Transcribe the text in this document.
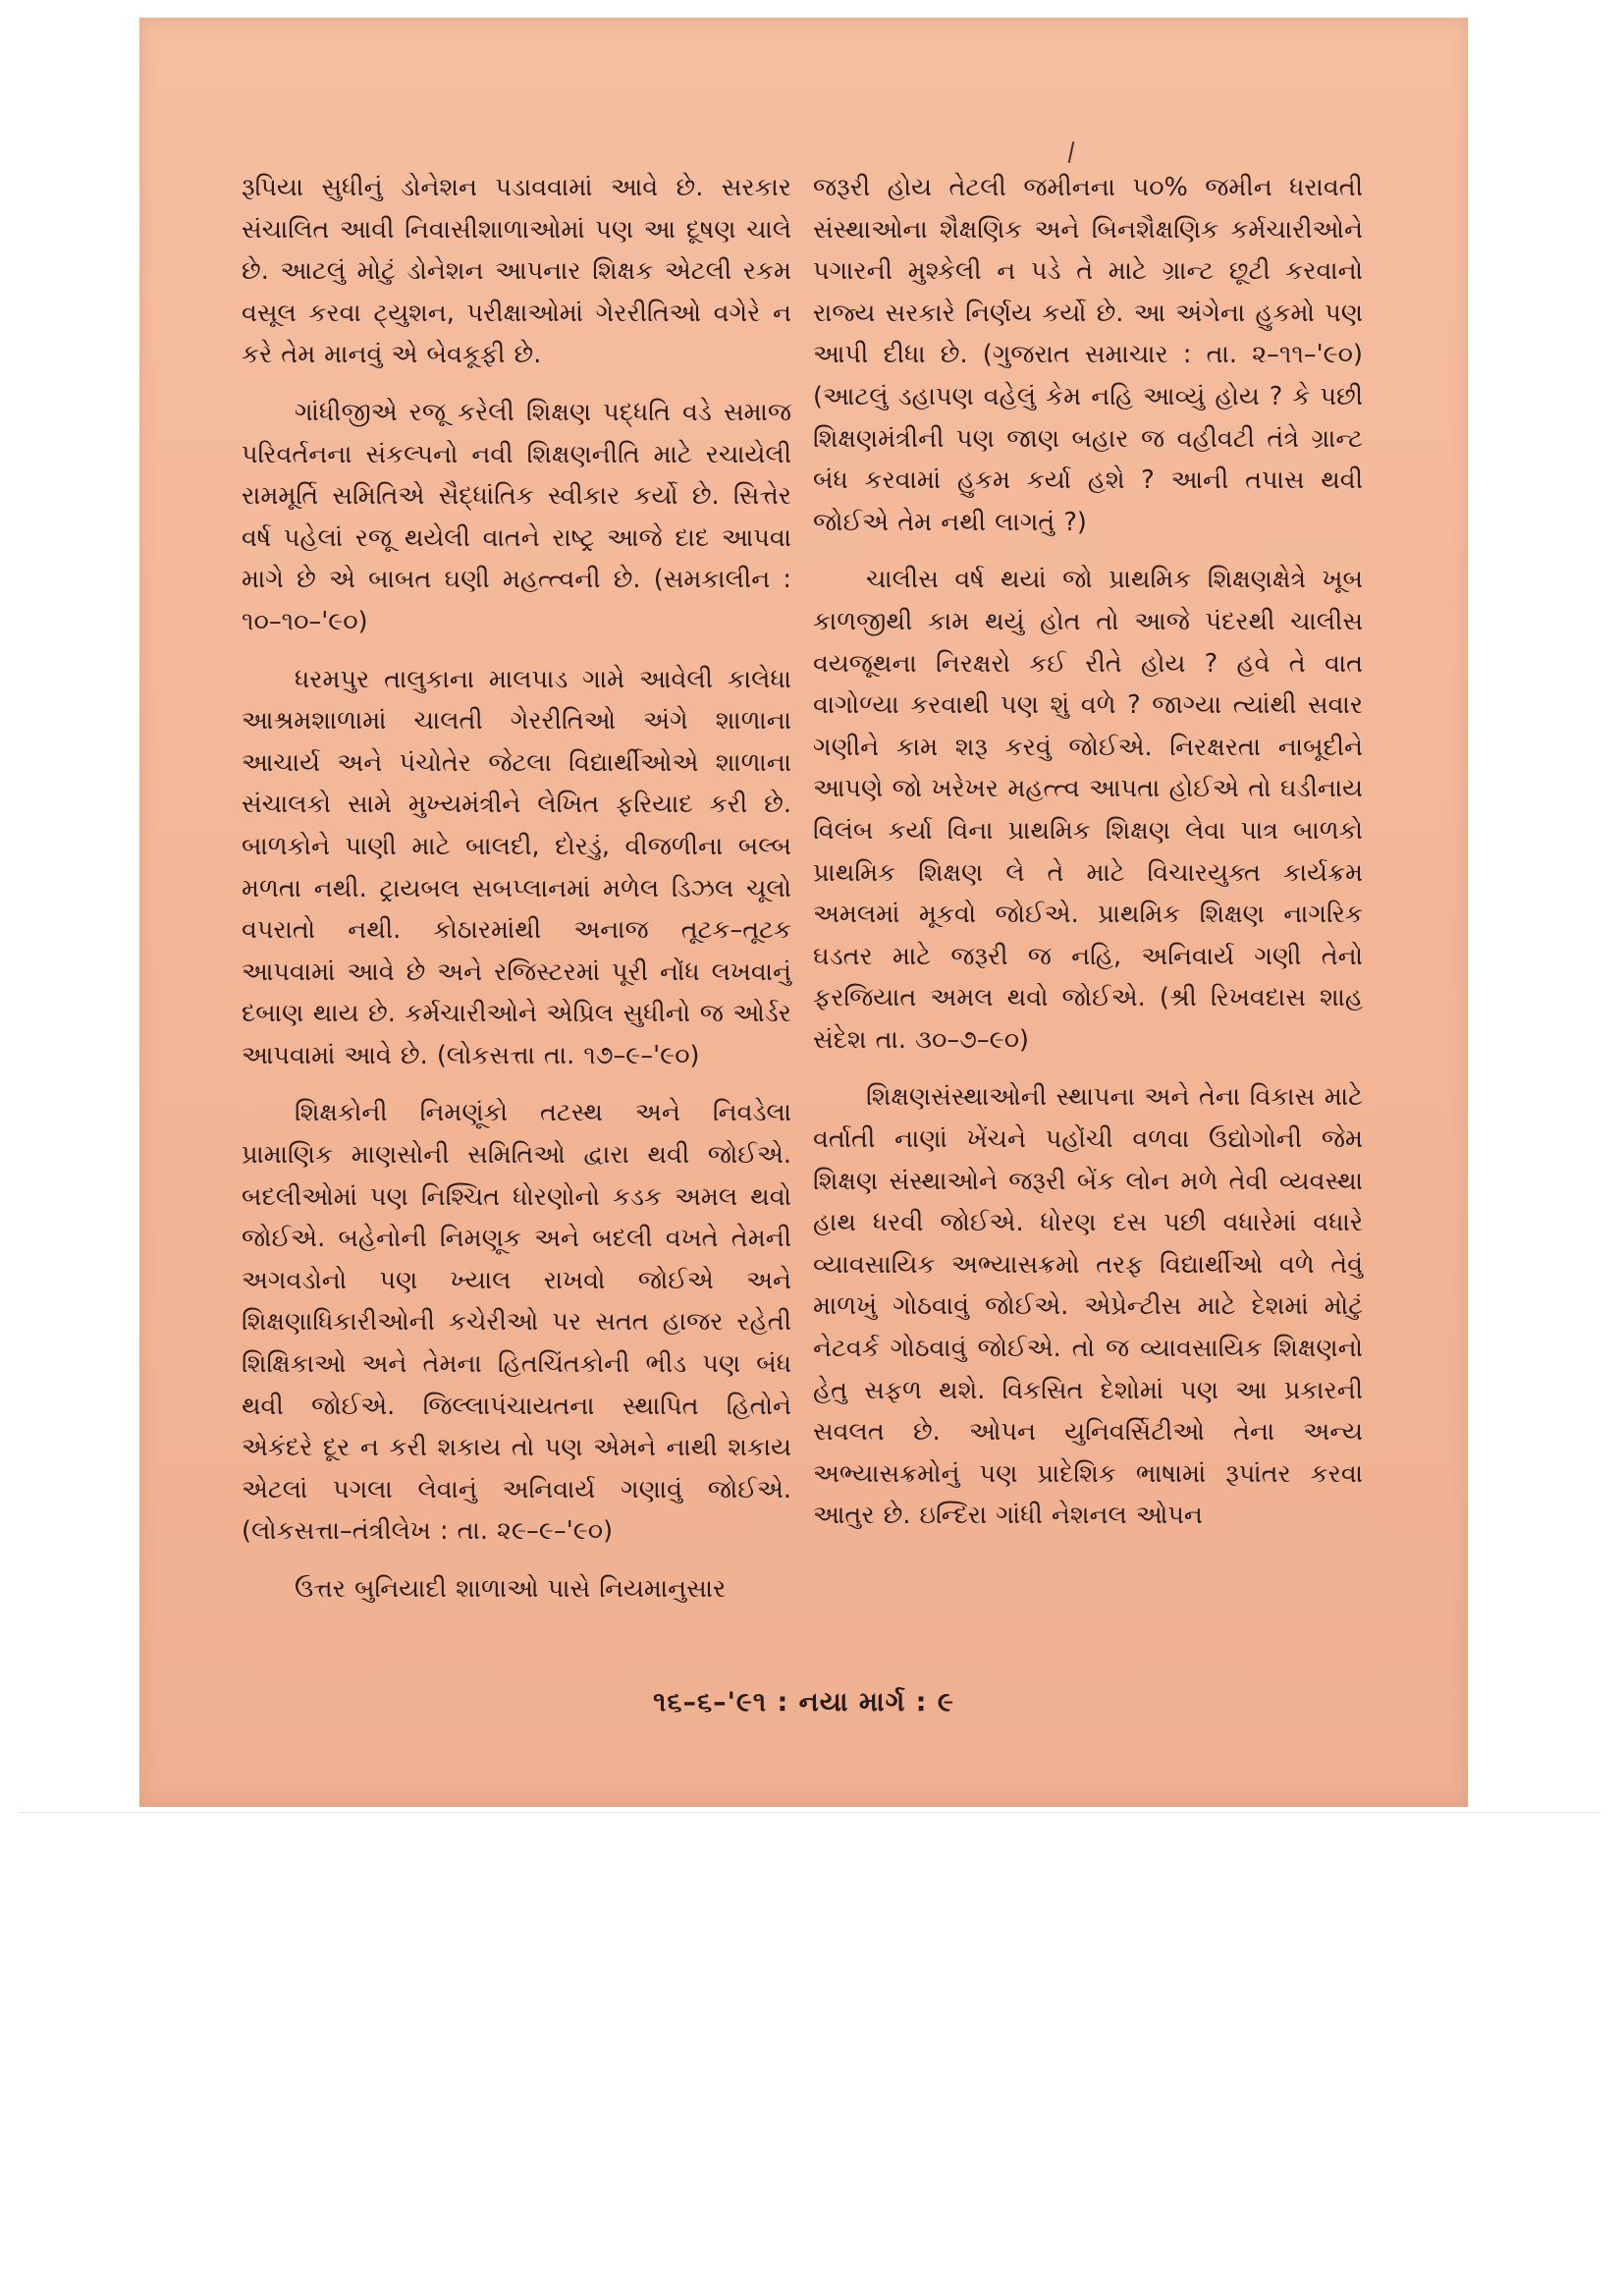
રૂપિયા સુધીનું ડોનેશન પડાવવામાં આવે છે. સરકાર સંચાલિત આવી નિવાસીશાળાઓમાં પણ આ દૂષણ ચાલે છે. આટલું મોટું ડોનેશન આપનાર શિક્ષક એટલી રકમ વસૂલ કરવા ટ્યુશન, પરીક્ષાઓમાં ગેરરીતિઓ વગેરે ન કરે તેમ માનવું એ બેવકૂફી છે.

ગાંધીજીએ રજૂ કરેલી શિક્ષણ પદ્ધતિ વડે સમાજ પરિવર્તનના સંકલ્પનો નવી શિક્ષણનીતિ માટે રચાયેલી રામમૂર્તિ સમિતિએ સૈદ્ધાંતિક સ્વીકાર કર્યો છે. સિત્તેર વર્ષ પહેલાં રજૂ થયેલી વાતને રાષ્ટ્ર આજે દાદ આપવા માગે છે એ બાબત ઘણી મહત્ત્વની છે. (સમકાલીન : ૧૦–૧૦–'૯૦)

ધરમપુર તાલુકાના માલપાડ ગામે આવેલી કાલેધા આશ્રમશાળામાં ચાલતી ગેરરીતિઓ અંગે શાળાના આચાર્ય અને પંચોતેર જેટલા વિદ્યાર્થીઓએ શાળાના સંચાલકો સામે મુખ્યમંત્રીને લેખિત ફરિયાદ કરી છે. બાળકોને પાણી માટે બાલદી, દોરડું, વીજળીના બલ્બ મળતા નથી. ટ્રાયબલ સબપ્લાનમાં મળેલ ડિઝલ ચૂલો વપરાતો નથી. કોઠારમાંથી અનાજ તૂટક–તૂટક આપવામાં આવે છે અને રજિસ્ટરમાં પૂરી નોંધ લખવાનું દબાણ થાય છે. કર્મચારીઓને એપ્રિલ સુધીનો જ ઓર્ડર આપવામાં આવે છે. (લોકસત્તા તા. ૧૭–૯–'૯૦)

શિક્ષકોની નિમણૂંકો તટસ્થ અને નિવડેલા પ્રામાણિક માણસોની સમિતિઓ દ્વારા થવી જોઈએ. બદલીઓમાં પણ નિશ્ચિત ધોરણોનો કડક અમલ થવો જોઈએ. બહેનોની નિમણૂક અને બદલી વખતે તેમની અગવડોનો પણ ખ્યાલ રાખવો જોઈએ અને શિક્ષણાધિકારીઓની કચેરીઓ પર સતત હાજર રહેતી શિક્ષિકાઓ અને તેમના હિતચિંતકોની ભીડ પણ બંધ થવી જોઈએ. જિલ્લાપંચાયતના સ્થાપિત હિતોને એકંદરે દૂર ન કરી શકાય તો પણ એમને નાથી શકાય એટલાં પગલા લેવાનું અનિવાર્ય ગણાવું જોઈએ. (લોકસત્તા–તંત્રીલેખ : તા. ૨૯–૯–'૯૦)

ઉત્તર બુનિયાદી શાળાઓ પાસે નિયમાનુસાર

જરૂરી હોય તેટલી જમીનના ૫૦% જમીન ધરાવતી સંસ્થાઓના શૈક્ષણિક અને બિનશૈક્ષણિક કર્મચારીઓને પગારની મુશ્કેલી ન પડે તે માટે ગ્રાન્ટ છૂટી કરવાનો રાજ્ય સરકારે નિર્ણય કર્યો છે. આ અંગેના હુકમો પણ આપી દીધા છે. (ગુજરાત સમાચાર : તા. ૨–૧૧–'૯૦) (આટલું ડહાપણ વહેલું કેમ નહિ આવ્યું હોય ? કે પછી શિક્ષણમંત્રીની પણ જાણ બહાર જ વહીવટી તંત્રે ગ્રાન્ટ બંધ કરવામાં હુકમ કર્યા હશે ? આની તપાસ થવી જોઈએ તેમ નથી લાગતું ?)

ચાલીસ વર્ષ થયાં જો પ્રાથમિક શિક્ષણક્ષેત્રે ખૂબ કાળજીથી કામ થયું હોત તો આજે પંદરથી ચાલીસ વયજૂથના નિરક્ષરો કઈ રીતે હોય ? હવે તે વાત વાગોળ્યા કરવાથી પણ શું વળે ? જાગ્યા ત્યાંથી સવાર ગણીને કામ શરૂ કરવું જોઈએ. નિરક્ષરતા નાબૂદીને આપણે જો ખરેખર મહત્ત્વ આપતા હોઈએ તો ઘડીનાય વિલંબ કર્યા વિના પ્રાથમિક શિક્ષણ લેવા પાત્ર બાળકો પ્રાથમિક શિક્ષણ લે તે માટે વિચારયુક્ત કાર્યક્રમ અમલમાં મૂકવો જોઈએ. પ્રાથમિક શિક્ષણ નાગરિક ઘડતર માટે જરૂરી જ નહિ, અનિવાર્ય ગણી તેનો ફરજિયાત અમલ થવો જોઈએ. (શ્રી રિખવદાસ શાહ સંદેશ તા. ૩૦–૭–૯૦)

શિક્ષણસંસ્થાઓની સ્થાપના અને તેના વિકાસ માટે વર્તાતી નાણાં ખેંચને પહોંચી વળવા ઉદ્યોગોની જેમ શિક્ષણ સંસ્થાઓને જરૂરી બેંક લોન મળે તેવી વ્યવસ્થા હાથ ધરવી જોઈએ. ધોરણ દસ પછી વધારેમાં વધારે વ્યાવસાયિક અભ્યાસક્રમો તરફ વિદ્યાર્થીઓ વળે તેવું માળખું ગોઠવાવું જોઈએ. એપ્રેન્ટીસ માટે દેશમાં મોટું નેટવર્ક ગોઠવાવું જોઈએ. તો જ વ્યાવસાયિક શિક્ષણનો હેતુ સફળ થશે. વિકસિત દેશોમાં પણ આ પ્રકારની સવલત છે. ઓપન યુનિવર્સિટીઓ તેના અન્ય અભ્યાસક્રમોનું પણ પ્રાદેશિક ભાષામાં રૂપાંતર કરવા આતુર છે. ઇન્દિરા ગાંધી નેશનલ ઓપન

૧૬–૬–'૯૧ : નયા માર્ગ : ૯
